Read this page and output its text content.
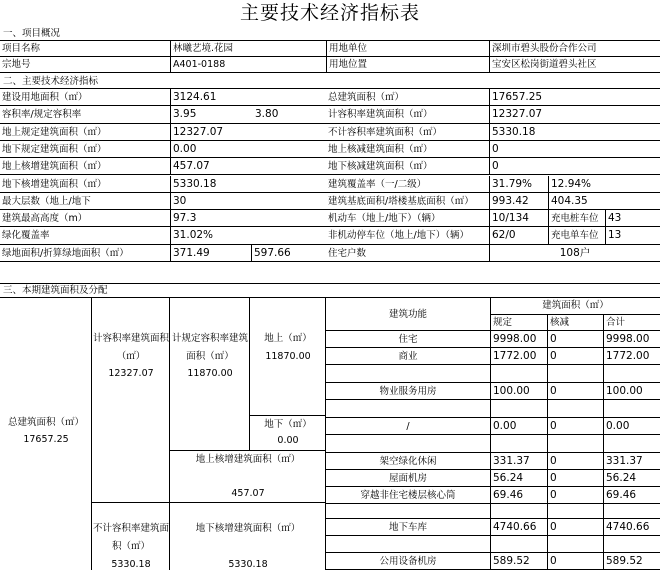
主要技术经济指标表
一、项目概况
项目名称	林曦艺境.花园	用地单位	深圳市碧头股份合作公司
宗地号	A401-0188	用地位置	宝安区松岗街道碧头社区
二、主要技术经济指标
建设用地面积（㎡）	3124.61	总建筑面积（㎡）	17657.25
容积率/规定容积率	3.95	3.80	计容积率建筑面积（㎡）	12327.07
地上规定建筑面积（㎡）	12327.07	不计容积率建筑面积（㎡）	5330.18
地下规定建筑面积（㎡）	0.00	地上核减建筑面积（㎡）	0
地上核增建筑面积（㎡）	457.07	地下核减建筑面积（㎡）	0
地下核增建筑面积（㎡）	5330.18	建筑覆盖率（一/二级）	31.79%	12.94%
最大层数（地上/地下	30	建筑基底面积/塔楼基底面积（㎡）	993.42	404.35
建筑最高高度（m）	97.3	机动车（地上/地下）（辆）	10/134	充电桩车位 43
绿化覆盖率	31.02%	非机动停车位（地上/地下）（辆）	62/0	充电单车位 13
绿地面积/折算绿地面积（㎡）	371.49	597.66	住宅户数	108户
三、本期建筑面积及分配
总建筑面积（㎡）
17657.25
计容积率建筑面积（㎡）
12327.07
不计容积率建筑面积（㎡）
5330.18
计规定容积率建筑面积（㎡）
11870.00
地上（㎡）
11870.00
地下（㎡）
0.00
地上核增建筑面积（㎡）
457.07
地下核增建筑面积（㎡）
5330.18
建筑功能
建筑面积（㎡）
规定	核减	合计
住宅	9998.00	0	9998.00
商业	1772.00	0	1772.00
物业服务用房	100.00	0	100.00
/	0.00	0	0.00
架空绿化休闲	331.37	0	331.37
屋面机房	56.24	0	56.24
穿越非住宅楼层核心筒	69.46	0	69.46
地下车库	4740.66	0	4740.66
公用设备机房	589.52	0	589.52
